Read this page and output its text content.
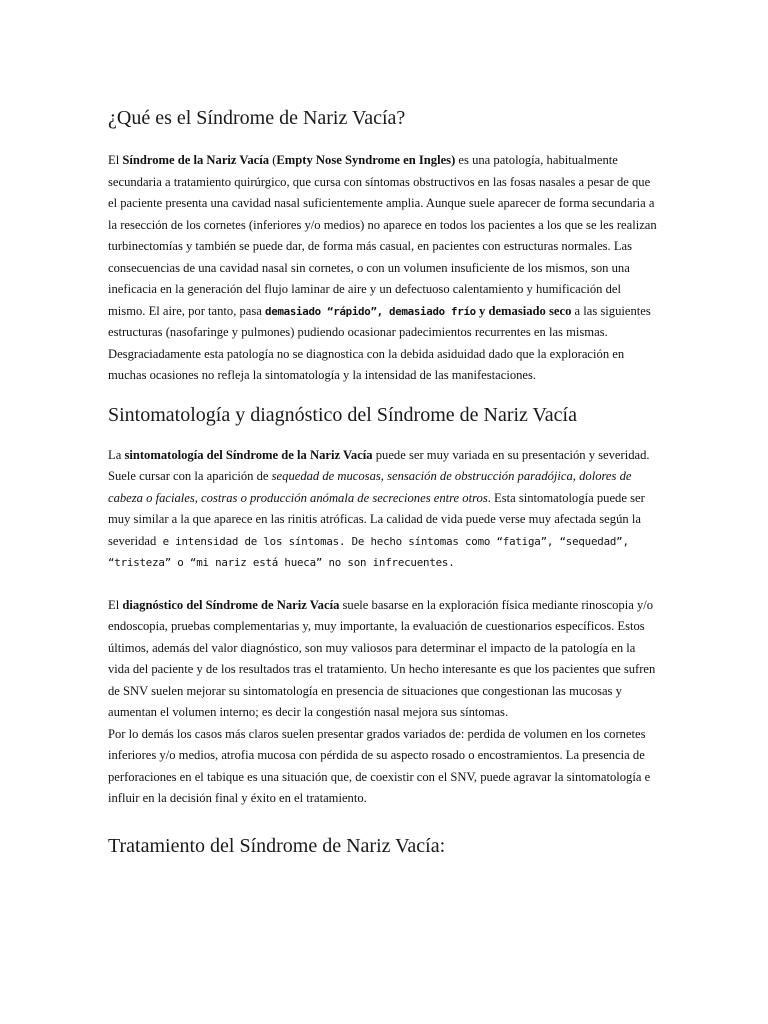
¿Qué es el Síndrome de Nariz Vacía?

El Síndrome de la Nariz Vacía (Empty Nose Syndrome en Ingles) es una patología, habitualmente secundaria a tratamiento quirúrgico, que cursa con síntomas obstructivos en las fosas nasales a pesar de que el paciente presenta una cavidad nasal suficientemente amplia. Aunque suele aparecer de forma secundaria a la resección de los cornetes (inferiores y/o medios) no aparece en todos los pacientes a los que se les realizan turbinectomías y también se puede dar, de forma más casual, en pacientes con estructuras normales. Las consecuencias de una cavidad nasal sin cornetes, o con un volumen insuficiente de los mismos, son una ineficacia en la generación del flujo laminar de aire y un defectuoso calentamiento y humificación del mismo. El aire, por tanto, pasa demasiado “rápido”, demasiado frío y demasiado seco a las siguientes estructuras (nasofaringe y pulmones) pudiendo ocasionar padecimientos recurrentes en las mismas. Desgraciadamente esta patología no se diagnostica con la debida asiduidad dado que la exploración en muchas ocasiones no refleja la sintomatología y la intensidad de las manifestaciones.

Sintomatología y diagnóstico del Síndrome de Nariz Vacía

La sintomatología del Síndrome de la Nariz Vacía puede ser muy variada en su presentación y severidad. Suele cursar con la aparición de sequedad de mucosas, sensación de obstrucción paradójica, dolores de cabeza o faciales, costras o producción anómala de secreciones entre otros. Esta sintomatología puede ser muy similar a la que aparece en las rinitis atróficas. La calidad de vida puede verse muy afectada según la severidad e intensidad de los síntomas. De hecho síntomas como “fatiga”, “sequedad”, “tristeza” o “mi nariz está hueca” no son infrecuentes.

El diagnóstico del Síndrome de Nariz Vacía suele basarse en la exploración física mediante rinoscopia y/o endoscopia, pruebas complementarias y, muy importante, la evaluación de cuestionarios específicos. Estos últimos, además del valor diagnóstico, son muy valiosos para determinar el impacto de la patología en la vida del paciente y de los resultados tras el tratamiento. Un hecho interesante es que los pacientes que sufren de SNV suelen mejorar su sintomatología en presencia de situaciones que congestionan las mucosas y aumentan el volumen interno; es decir la congestión nasal mejora sus síntomas.

Por lo demás los casos más claros suelen presentar grados variados de: perdida de volumen en los cornetes inferiores y/o medios, atrofia mucosa con pérdida de su aspecto rosado o encostramientos. La presencia de perforaciones en el tabique es una situación que, de coexistir con el SNV, puede agravar la sintomatología e influir en la decisión final y éxito en el tratamiento.

Tratamiento del Síndrome de Nariz Vacía:
